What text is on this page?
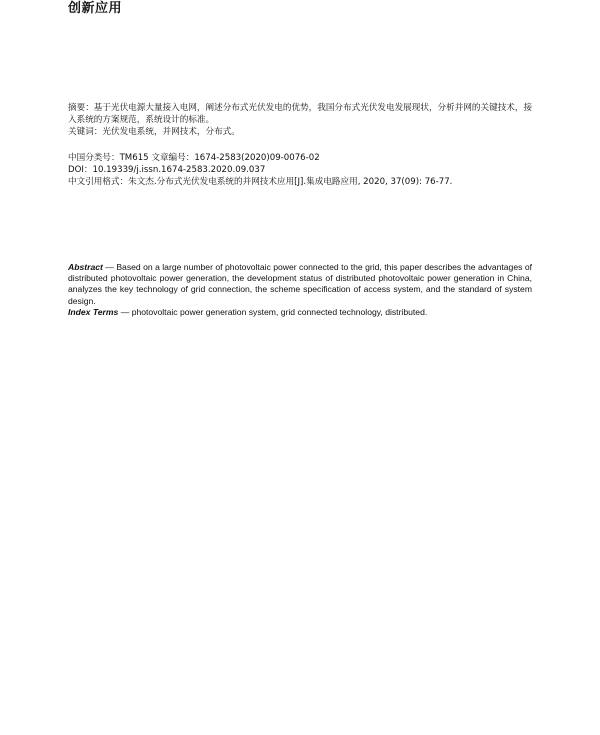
创新应用
摘要：基于光伏电源大量接入电网，阐述分布式光伏发电的优势，我国分布式光伏发电发展现状，分析并网的关键技术，接入系统的方案规范，系统设计的标准。
关键词：光伏发电系统，并网技术，分布式。
中国分类号：TM615 文章编号：1674-2583(2020)09-0076-02
DOI：10.19339/j.issn.1674-2583.2020.09.037
中文引用格式：朱文杰.分布式光伏发电系统的并网技术应用[J].集成电路应用, 2020, 37(09): 76-77.
Abstract — Based on a large number of photovoltaic power connected to the grid, this paper describes the advantages of distributed photovoltaic power generation, the development status of distributed photovoltaic power generation in China, analyzes the key technology of grid connection, the scheme specification of access system, and the standard of system design.
Index Terms — photovoltaic power generation system, grid connected technology, distributed.
